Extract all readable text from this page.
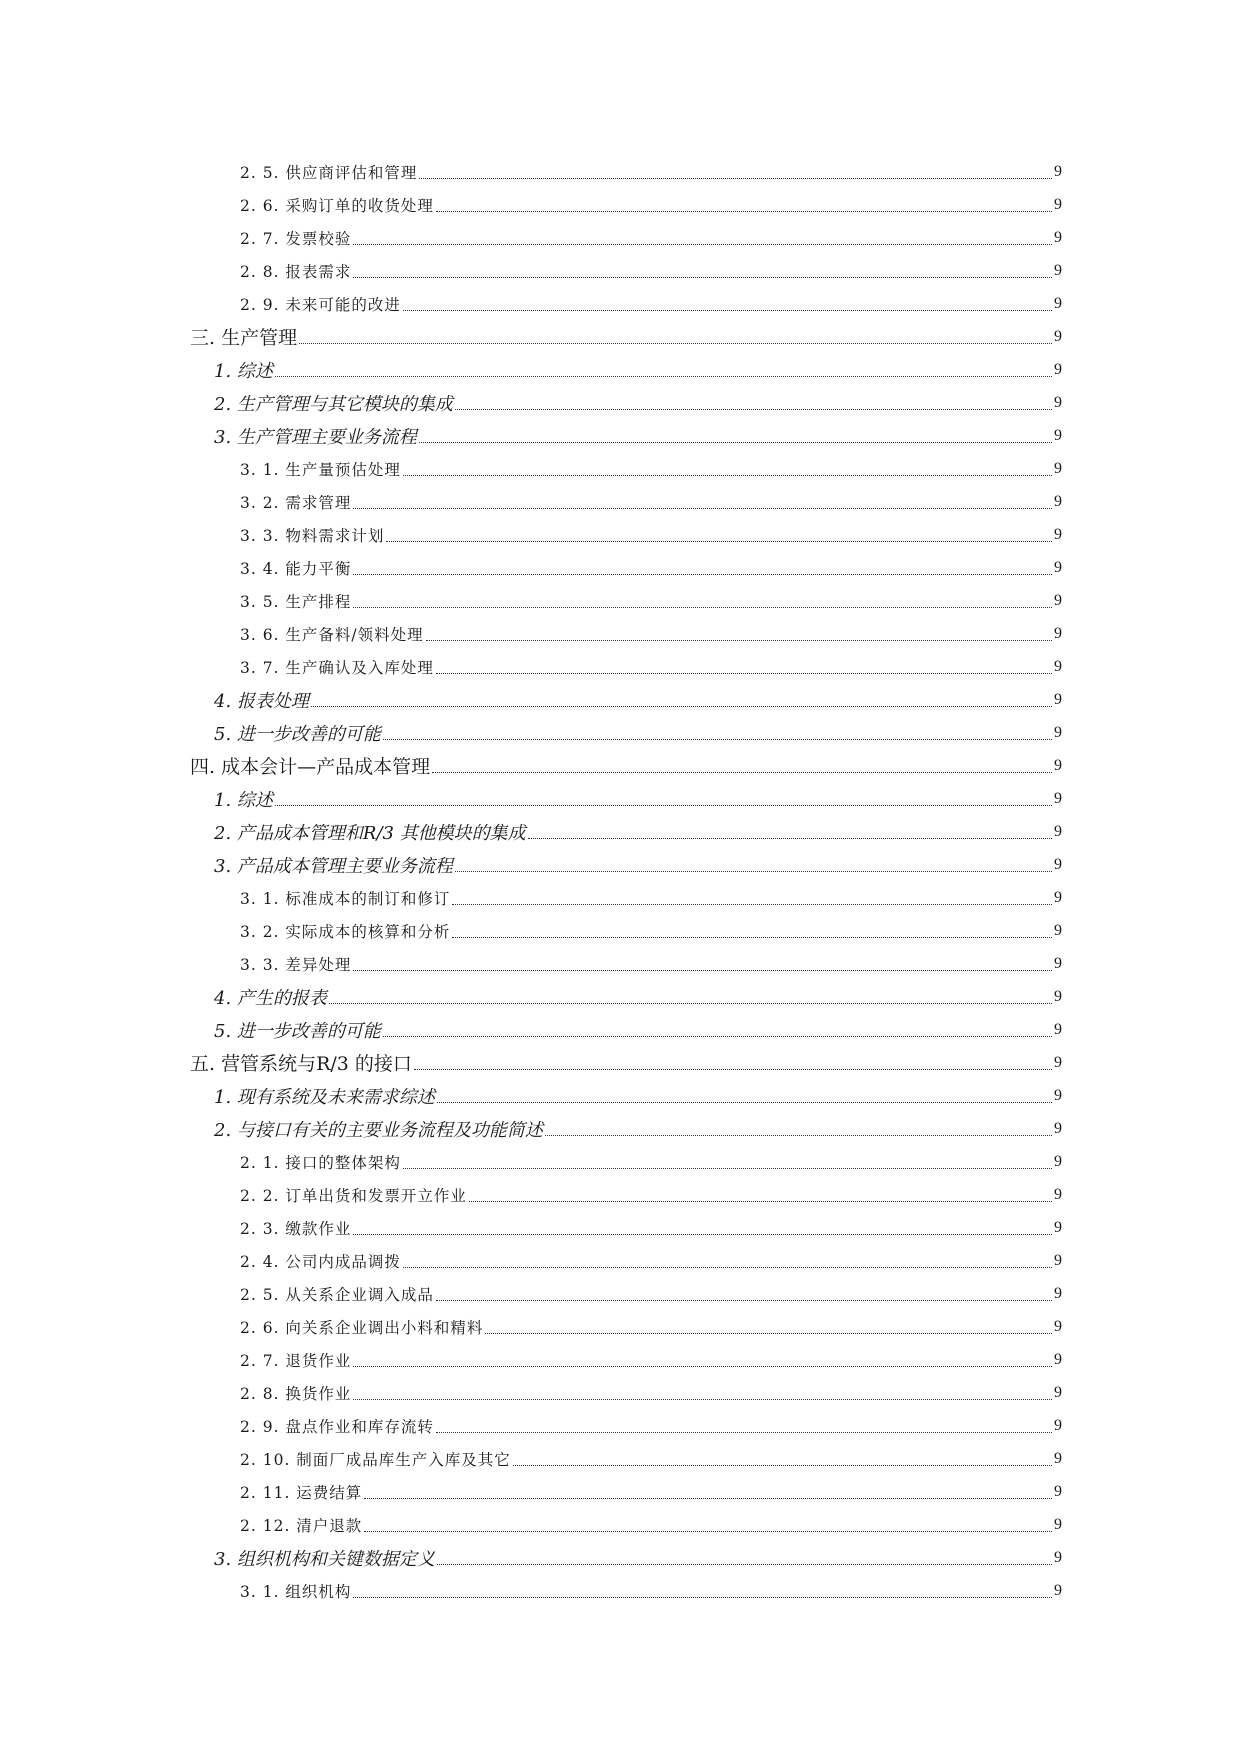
2. 5. 供应商评估和管理	9
2. 6. 采购订单的收货处理	9
2. 7. 发票校验	9
2. 8. 报表需求	9
2. 9. 未来可能的改进	9
三. 生产管理	9
1. 综述	9
2. 生产管理与其它模块的集成	9
3. 生产管理主要业务流程	9
3. 1. 生产量预估处理	9
3. 2. 需求管理	9
3. 3. 物料需求计划	9
3. 4. 能力平衡	9
3. 5. 生产排程	9
3. 6. 生产备料/领料处理	9
3. 7. 生产确认及入库处理	9
4. 报表处理	9
5. 进一步改善的可能	9
四. 成本会计—产品成本管理	9
1. 综述	9
2. 产品成本管理和R/3 其他模块的集成	9
3. 产品成本管理主要业务流程	9
3. 1. 标准成本的制订和修订	9
3. 2. 实际成本的核算和分析	9
3. 3. 差异处理	9
4. 产生的报表	9
5. 进一步改善的可能	9
五. 营管系统与R/3 的接口	9
1. 现有系统及未来需求综述	9
2. 与接口有关的主要业务流程及功能简述	9
2. 1. 接口的整体架构	9
2. 2. 订单出货和发票开立作业	9
2. 3. 缴款作业	9
2. 4. 公司内成品调拨	9
2. 5. 从关系企业调入成品	9
2. 6. 向关系企业调出小料和精料	9
2. 7. 退货作业	9
2. 8. 换货作业	9
2. 9. 盘点作业和库存流转	9
2. 10. 制面厂成品库生产入库及其它	9
2. 11. 运费结算	9
2. 12. 清户退款	9
3. 组织机构和关键数据定义	9
3. 1. 组织机构	9
